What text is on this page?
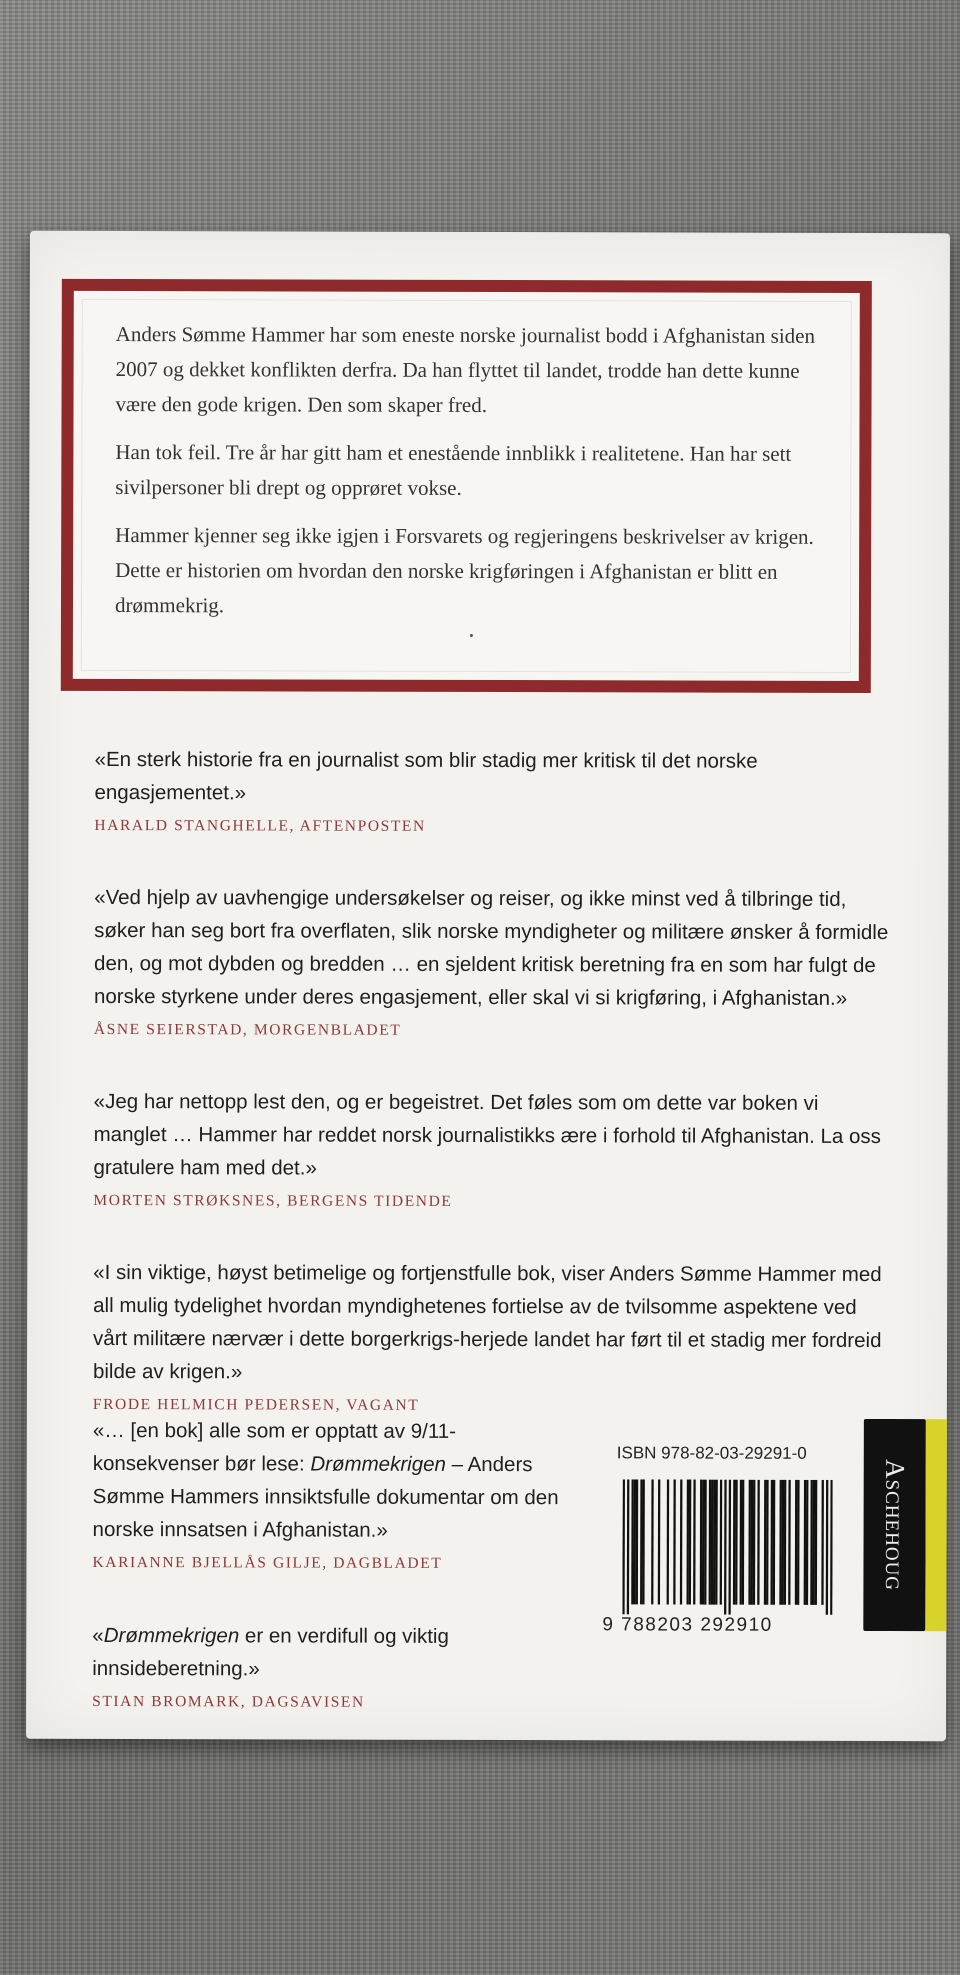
Anders Sømme Hammer har som eneste norske journalist bodd i Afghanistan siden 2007 og dekket konflikten derfra. Da han flyttet til landet, trodde han dette kunne være den gode krigen. Den som skaper fred.

Han tok feil. Tre år har gitt ham et enestående innblikk i realitetene. Han har sett sivilpersoner bli drept og opprøret vokse.

Hammer kjenner seg ikke igjen i Forsvarets og regjeringens beskrivelser av krigen. Dette er historien om hvordan den norske krigføringen i Afghanistan er blitt en drømmekrig.

«En sterk historie fra en journalist som blir stadig mer kritisk til det norske engasjementet.»
HARALD STANGHELLE, AFTENPOSTEN
«Ved hjelp av uavhengige undersøkelser og reiser, og ikke minst ved å tilbringe tid, søker han seg bort fra overflaten, slik norske myndigheter og militære ønsker å formidle den, og mot dybden og bredden … en sjeldent kritisk beretning fra en som har fulgt de norske styrkene under deres engasjement, eller skal vi si krigføring, i Afghanistan.»
ÅSNE SEIERSTAD, MORGENBLADET
«Jeg har nettopp lest den, og er begeistret. Det føles som om dette var boken vi manglet … Hammer har reddet norsk journalistikks ære i forhold til Afghanistan. La oss gratulere ham med det.»
MORTEN STRØKSNES, BERGENS TIDENDE
«I sin viktige, høyst betimelige og fortjenstfulle bok, viser Anders Sømme Hammer med all mulig tydelighet hvordan myndighetenes fortielse av de tvilsomme aspektene ved vårt militære nærvær i dette borgerkrigs-herjede landet har ført til et stadig mer fordreid bilde av krigen.»
FRODE HELMICH PEDERSEN, VAGANT
«… [en bok] alle som er opptatt av 9/11-konsekvenser bør lese: Drømmekrigen – Anders Sømme Hammers innsiktsfulle dokumentar om den norske innsatsen i Afghanistan.»
KARIANNE BJELLÅS GILJE, DAGBLADET
«Drømmekrigen er en verdifull og viktig innsideberetning.»
STIAN BROMARK, DAGSAVISEN
ISBN 978-82-03-29291-0
9 788203 292910
Aschehoug
